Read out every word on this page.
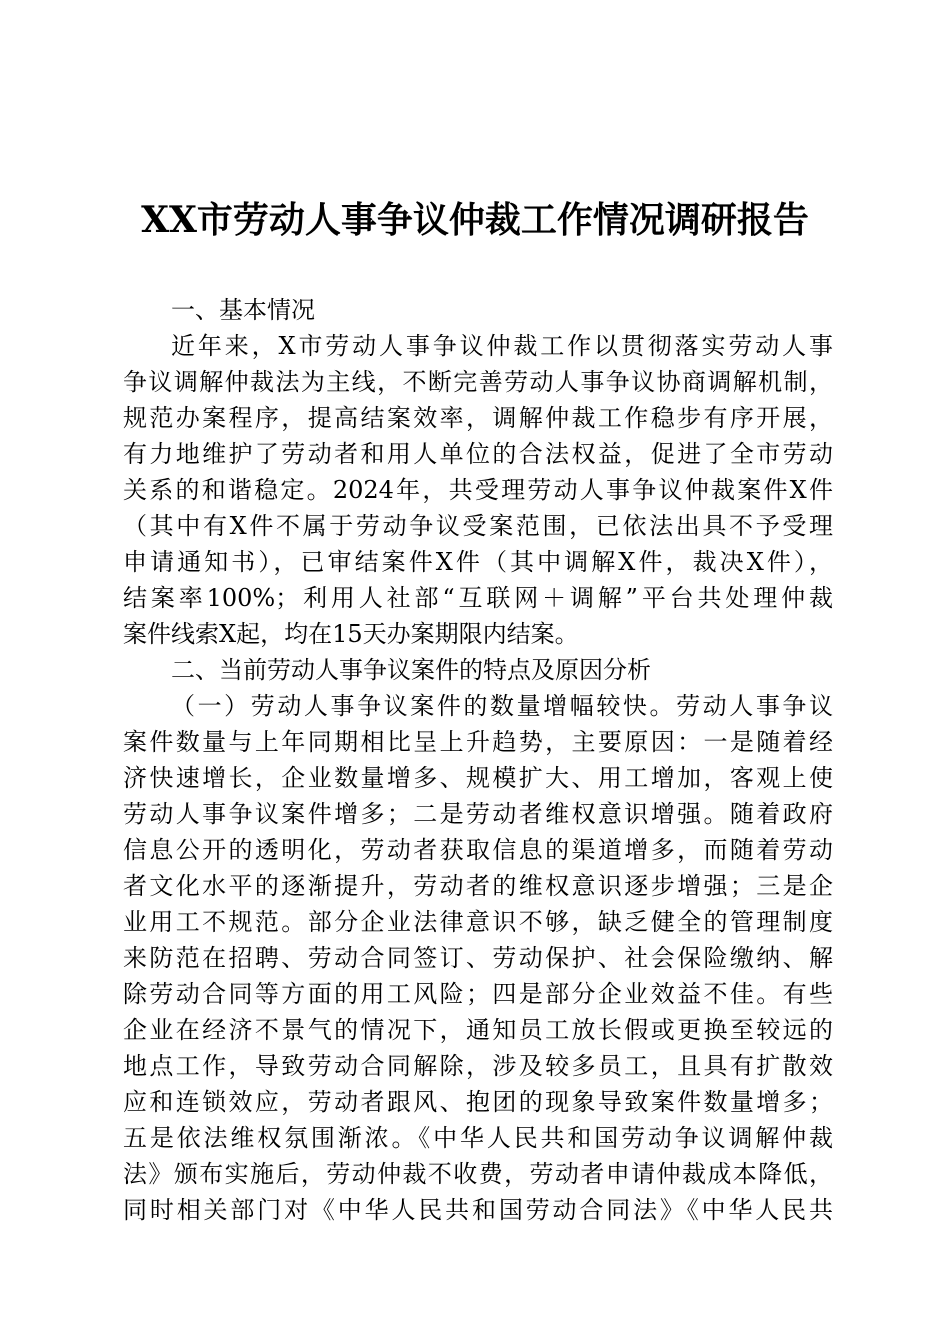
XX市劳动人事争议仲裁工作情况调研报告
一、基本情况
近年来，X市劳动人事争议仲裁工作以贯彻落实劳动人事
争议调解仲裁法为主线，不断完善劳动人事争议协商调解机制，
规范办案程序，提高结案效率，调解仲裁工作稳步有序开展，
有力地维护了劳动者和用人单位的合法权益，促进了全市劳动
关系的和谐稳定。2024年，共受理劳动人事争议仲裁案件X件
（其中有X件不属于劳动争议受案范围，已依法出具不予受理
申请通知书），已审结案件X件（其中调解X件，裁决X件），
结案率100%；利用人社部“互联网＋调解”平台共处理仲裁
案件线索X起，均在15天办案期限内结案。
二、当前劳动人事争议案件的特点及原因分析
（一）劳动人事争议案件的数量增幅较快。劳动人事争议
案件数量与上年同期相比呈上升趋势，主要原因：一是随着经
济快速增长，企业数量增多、规模扩大、用工增加，客观上使
劳动人事争议案件增多；二是劳动者维权意识增强。随着政府
信息公开的透明化，劳动者获取信息的渠道增多，而随着劳动
者文化水平的逐渐提升，劳动者的维权意识逐步增强；三是企
业用工不规范。部分企业法律意识不够，缺乏健全的管理制度
来防范在招聘、劳动合同签订、劳动保护、社会保险缴纳、解
除劳动合同等方面的用工风险；四是部分企业效益不佳。有些
企业在经济不景气的情况下，通知员工放长假或更换至较远的
地点工作，导致劳动合同解除，涉及较多员工，且具有扩散效
应和连锁效应，劳动者跟风、抱团的现象导致案件数量增多；
五是依法维权氛围渐浓。《中华人民共和国劳动争议调解仲裁
法》颁布实施后，劳动仲裁不收费，劳动者申请仲裁成本降低，
同时相关部门对《中华人民共和国劳动合同法》《中华人民共
